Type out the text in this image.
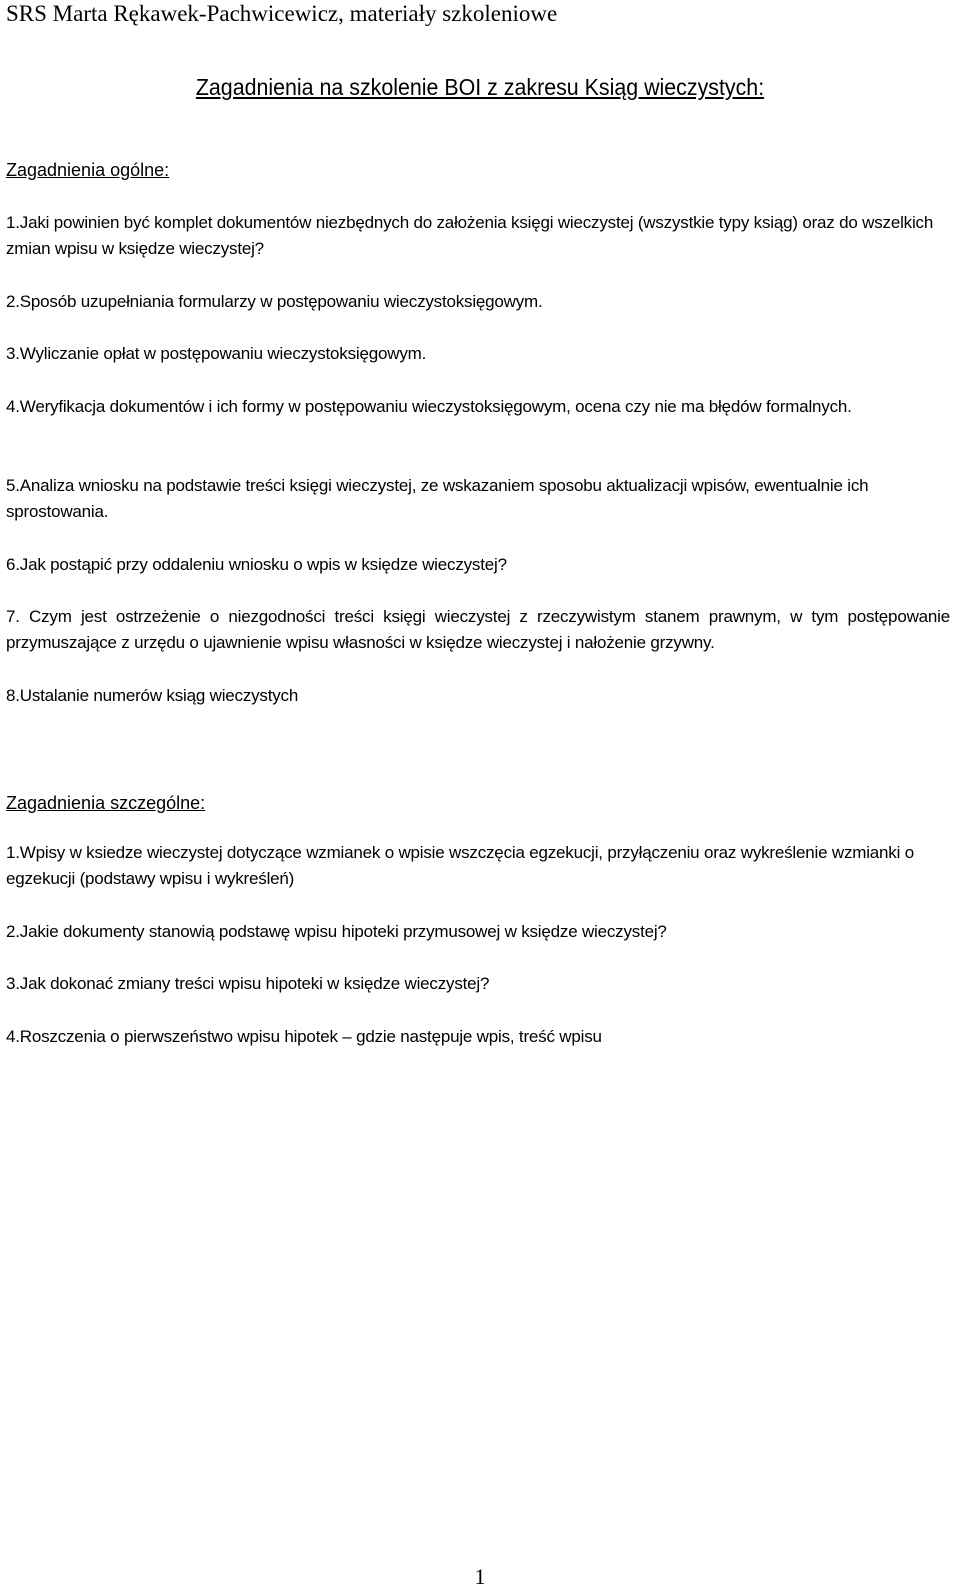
SRS Marta Rękawek-Pachwicewicz, materiały szkoleniowe
Zagadnienia na szkolenie BOI z zakresu Ksiąg wieczystych:
Zagadnienia ogólne:
1.Jaki powinien być komplet dokumentów niezbędnych do założenia księgi wieczystej (wszystkie typy ksiąg) oraz do wszelkich zmian wpisu w księdze wieczystej?
2.Sposób uzupełniania formularzy w postępowaniu wieczystoksięgowym.
3.Wyliczanie opłat w postępowaniu wieczystoksięgowym.
4.Weryfikacja dokumentów i ich formy w postępowaniu wieczystoksięgowym, ocena czy nie ma błędów formalnych.
5.Analiza wniosku na podstawie treści księgi wieczystej, ze wskazaniem sposobu aktualizacji wpisów, ewentualnie ich sprostowania.
6.Jak postąpić przy oddaleniu wniosku o wpis w księdze wieczystej?
7. Czym jest ostrzeżenie o niezgodności treści księgi wieczystej z rzeczywistym stanem prawnym, w tym postępowanie przymuszające z urzędu o ujawnienie wpisu własności w księdze wieczystej i nałożenie grzywny.
8.Ustalanie numerów ksiąg wieczystych
Zagadnienia szczególne:
1.Wpisy w ksiedze wieczystej dotyczące wzmianek o wpisie wszczęcia egzekucji, przyłączeniu oraz wykreślenie wzmianki o egzekucji (podstawy wpisu i wykreśleń)
2.Jakie dokumenty stanowią podstawę wpisu hipoteki przymusowej w księdze wieczystej?
3.Jak dokonać zmiany treści wpisu hipoteki w księdze wieczystej?
4.Roszczenia o pierwszeństwo wpisu hipotek – gdzie następuje wpis, treść wpisu
1
